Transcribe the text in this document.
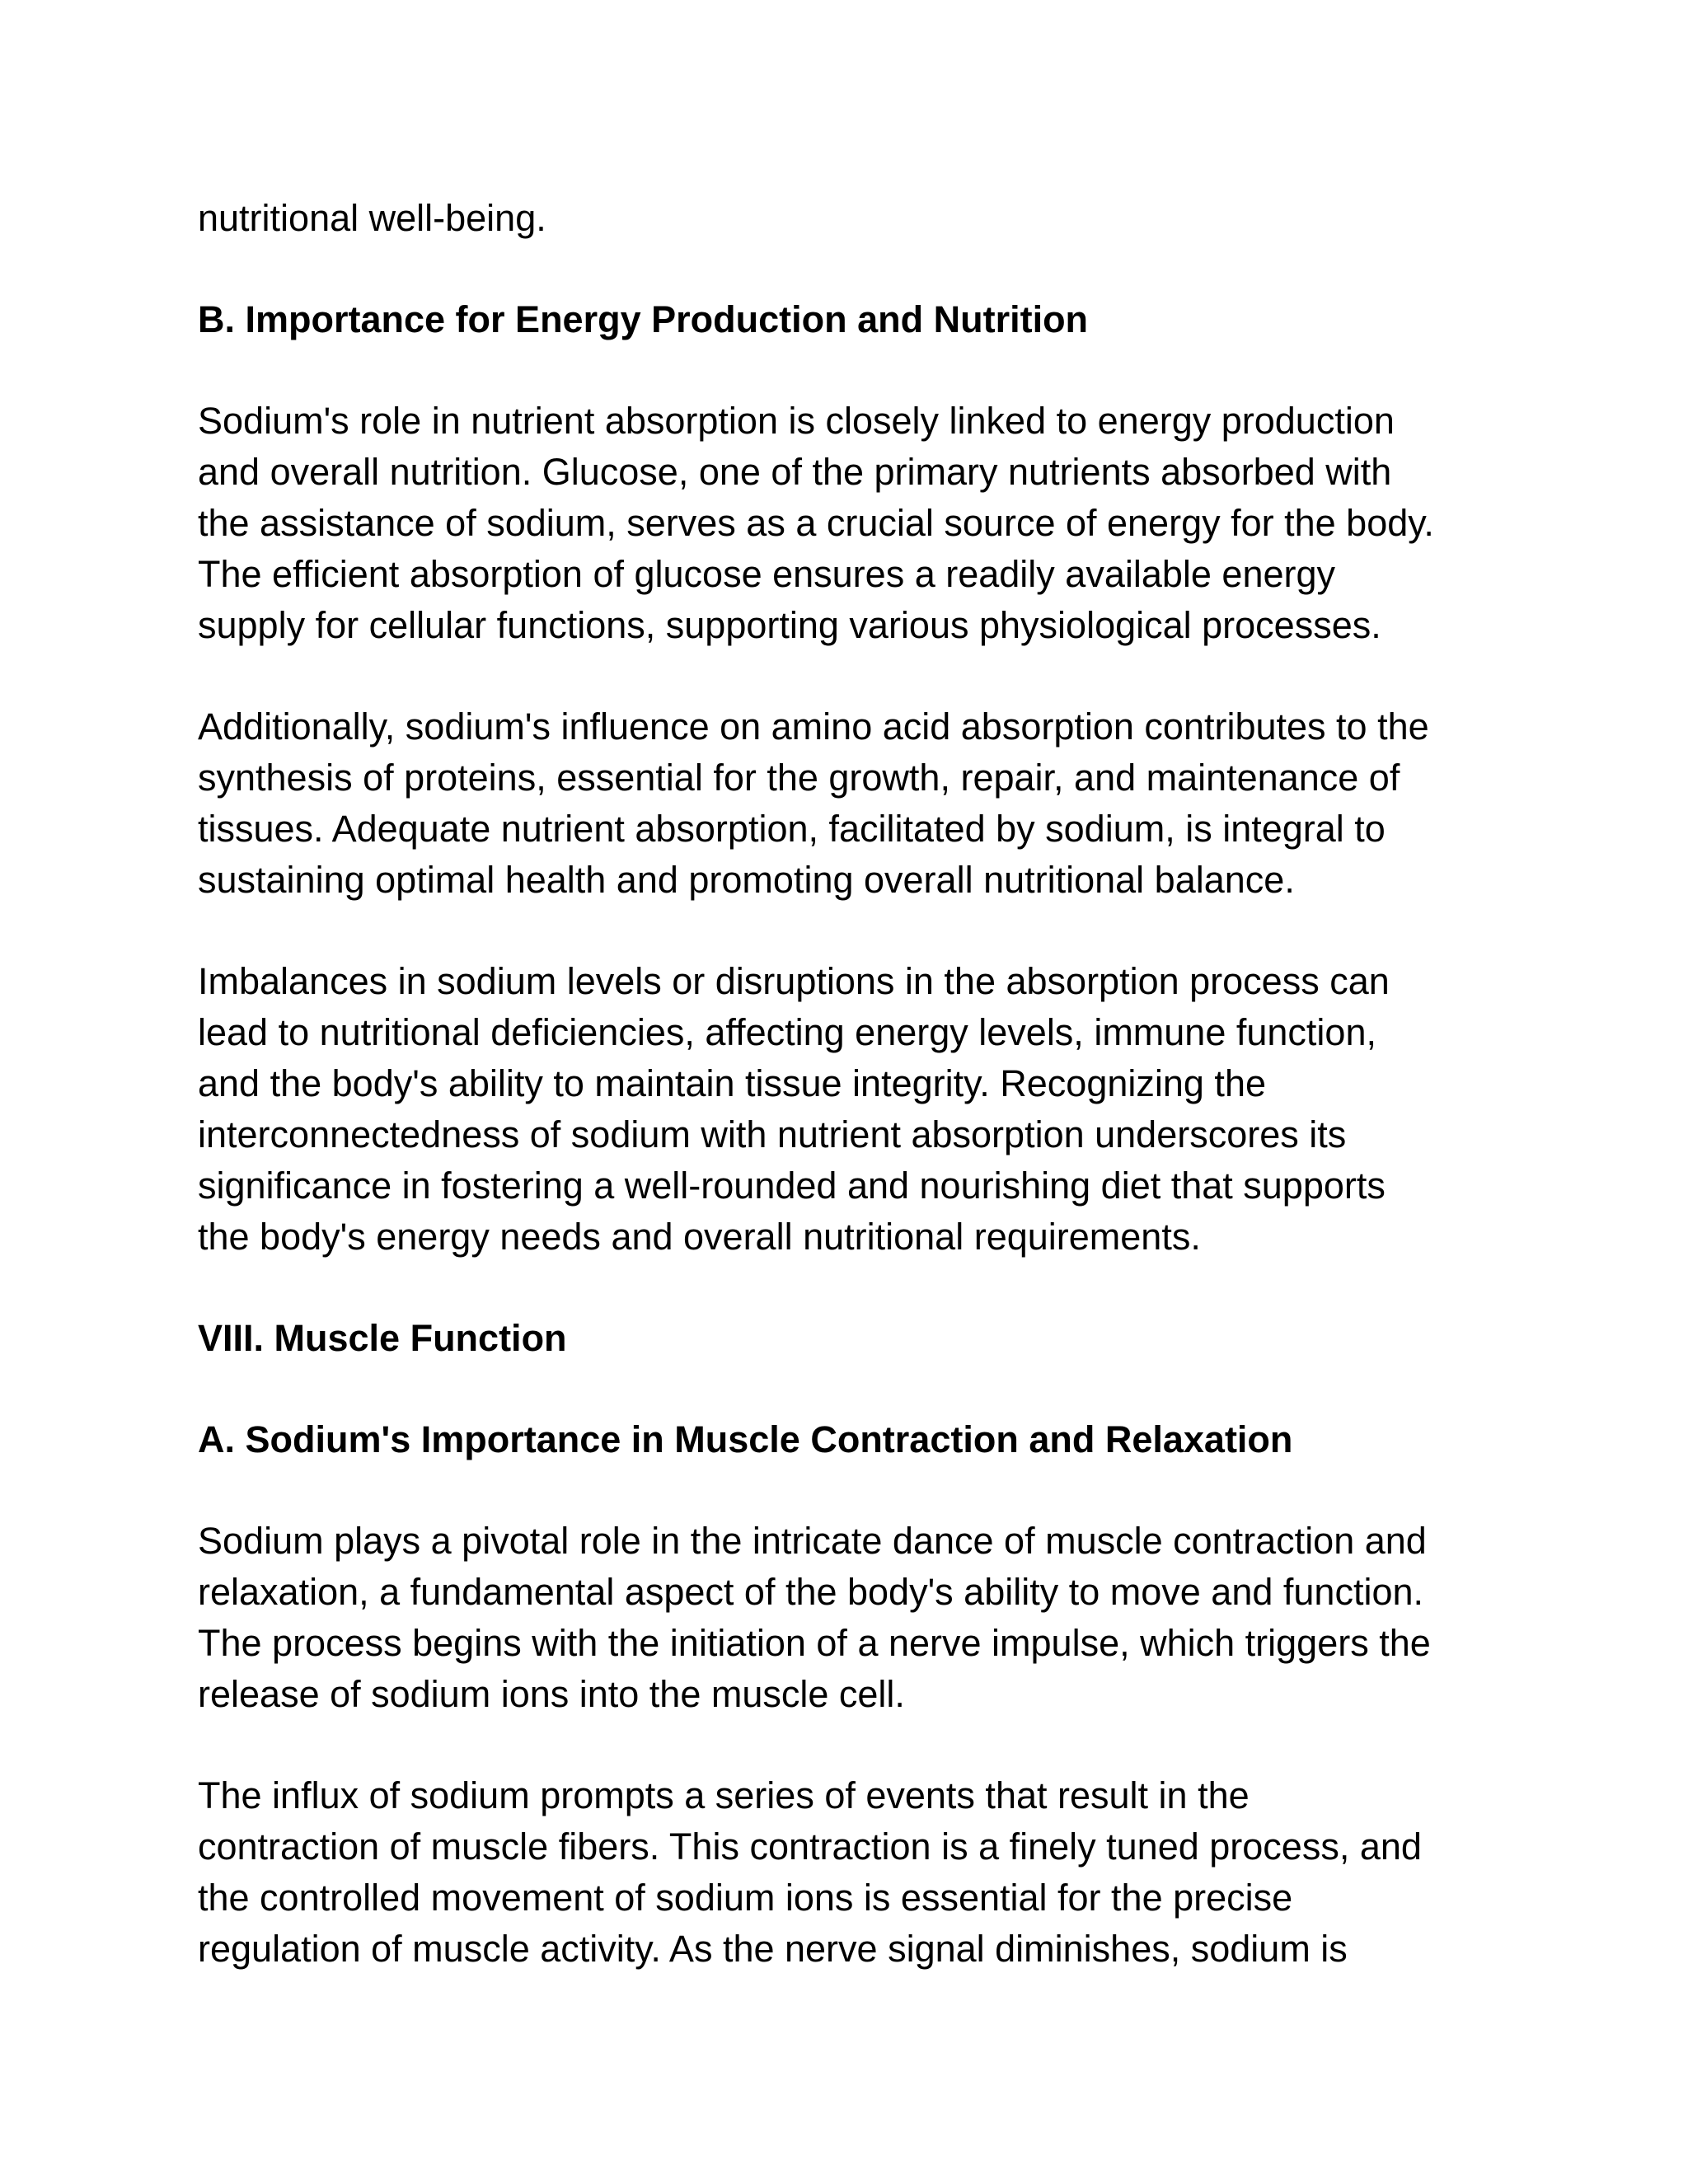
nutritional well-being.

B. Importance for Energy Production and Nutrition

Sodium's role in nutrient absorption is closely linked to energy production

and overall nutrition. Glucose, one of the primary nutrients absorbed with

the assistance of sodium, serves as a crucial source of energy for the body.

The efficient absorption of glucose ensures a readily available energy

supply for cellular functions, supporting various physiological processes.

Additionally, sodium's influence on amino acid absorption contributes to the

synthesis of proteins, essential for the growth, repair, and maintenance of

tissues. Adequate nutrient absorption, facilitated by sodium, is integral to

sustaining optimal health and promoting overall nutritional balance.

Imbalances in sodium levels or disruptions in the absorption process can

lead to nutritional deficiencies, affecting energy levels, immune function,

and the body's ability to maintain tissue integrity. Recognizing the

interconnectedness of sodium with nutrient absorption underscores its

significance in fostering a well-rounded and nourishing diet that supports

the body's energy needs and overall nutritional requirements.

VIII. Muscle Function

A. Sodium's Importance in Muscle Contraction and Relaxation

Sodium plays a pivotal role in the intricate dance of muscle contraction and

relaxation, a fundamental aspect of the body's ability to move and function.

The process begins with the initiation of a nerve impulse, which triggers the

release of sodium ions into the muscle cell.

The influx of sodium prompts a series of events that result in the

contraction of muscle fibers. This contraction is a finely tuned process, and

the controlled movement of sodium ions is essential for the precise

regulation of muscle activity. As the nerve signal diminishes, sodium is
